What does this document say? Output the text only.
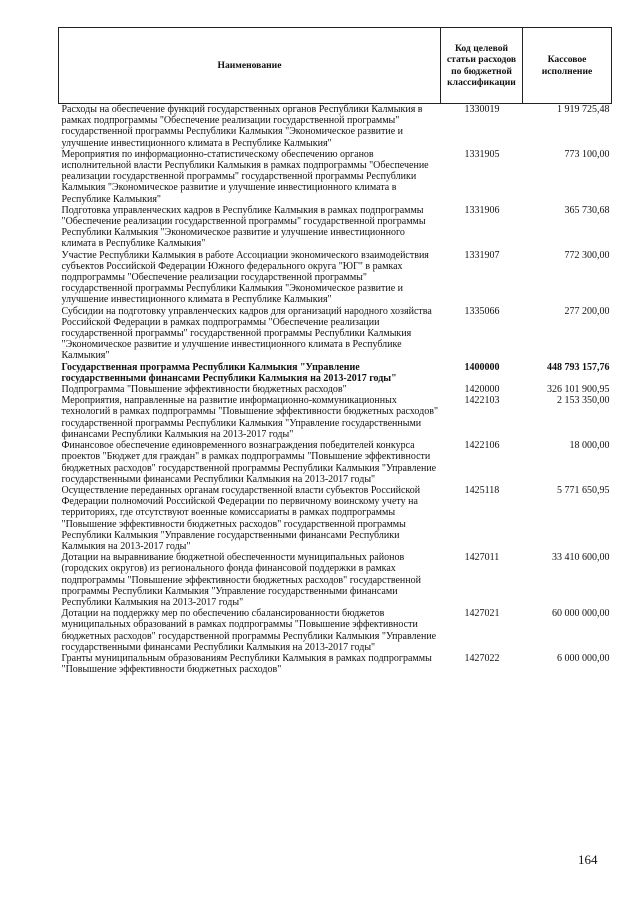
Наименование	Код целевой статьи расходов по бюджетной классификации	Кассовое исполнение
Расходы на обеспечение функций государственных органов Республики Калмыкия в рамках подпрограммы "Обеспечение реализации государственной программы" государственной программы Республики Калмыкия "Экономическое развитие и улучшение инвестиционного климата в Республике Калмыкия"	1330019	1 919 725,48
Мероприятия по информационно-статистическому обеспечению органов исполнительной власти Республики Калмыкия в рамках подпрограммы "Обеспечение реализации государственной программы" государственной программы Республики Калмыкия "Экономическое развитие и улучшение инвестиционного климата в Республике Калмыкия"	1331905	773 100,00
Подготовка управленческих кадров в Республике Калмыкия в рамках подпрограммы "Обеспечение реализации государственной программы" государственной программы Республики Калмыкия "Экономическое развитие и улучшение инвестиционного климата в Республике Калмыкия"	1331906	365 730,68
Участие Республики Калмыкия в работе Ассоциации экономического взаимодействия субъектов Российской Федерации Южного федерального округа "ЮГ" в рамках подпрограммы "Обеспечение реализации государственной программы" государственной программы Республики Калмыкия "Экономическое развитие и улучшение инвестиционного климата в Республике Калмыкия"	1331907	772 300,00
Субсидии на подготовку управленческих кадров для организаций народного хозяйства Российской Федерации в рамках подпрограммы "Обеспечение реализации государственной программы" государственной программы Республики Калмыкия "Экономическое развитие и улучшение инвестиционного климата в Республике Калмыкия"	1335066	277 200,00
Государственная программа Республики Калмыкия "Управление государственными финансами Республики Калмыкия на 2013-2017 годы"	1400000	448 793 157,76
Подпрограмма "Повышение эффективности бюджетных расходов"	1420000	326 101 900,95
Мероприятия, направленные на развитие информационно-коммуникационных технологий в рамках подпрограммы "Повышение эффективности бюджетных расходов" государственной программы Республики Калмыкия "Управление государственными финансами Республики Калмыкия на 2013-2017 годы"	1422103	2 153 350,00
Финансовое обеспечение единовременного вознаграждения победителей конкурса проектов "Бюджет для граждан" в рамках подпрограммы "Повышение эффективности бюджетных расходов" государственной программы Республики Калмыкия "Управление государственными финансами Республики Калмыкия на 2013-2017 годы"	1422106	18 000,00
Осуществление переданных органам государственной власти субъектов Российской Федерации полномочий Российской Федерации по первичному воинскому учету на территориях, где отсутствуют военные комиссариаты в рамках подпрограммы "Повышение эффективности бюджетных расходов" государственной программы Республики Калмыкия "Управление государственными финансами Республики Калмыкия на 2013-2017 годы"	1425118	5 771 650,95
Дотации на выравнивание бюджетной обеспеченности муниципальных районов (городских округов) из регионального фонда финансовой поддержки в рамках подпрограммы "Повышение эффективности бюджетных расходов" государственной программы Республики Калмыкия "Управление государственными финансами Республики Калмыкия на 2013-2017 годы"	1427011	33 410 600,00
Дотации на поддержку мер по обеспечению сбалансированности бюджетов муниципальных образований в рамках подпрограммы "Повышение эффективности бюджетных расходов" государственной программы Республики Калмыкия "Управление государственными финансами Республики Калмыкия на 2013-2017 годы"	1427021	60 000 000,00
Гранты муниципальным образованиям Республики Калмыкия в рамках подпрограммы "Повышение эффективности бюджетных расходов"	1427022	6 000 000,00
164
